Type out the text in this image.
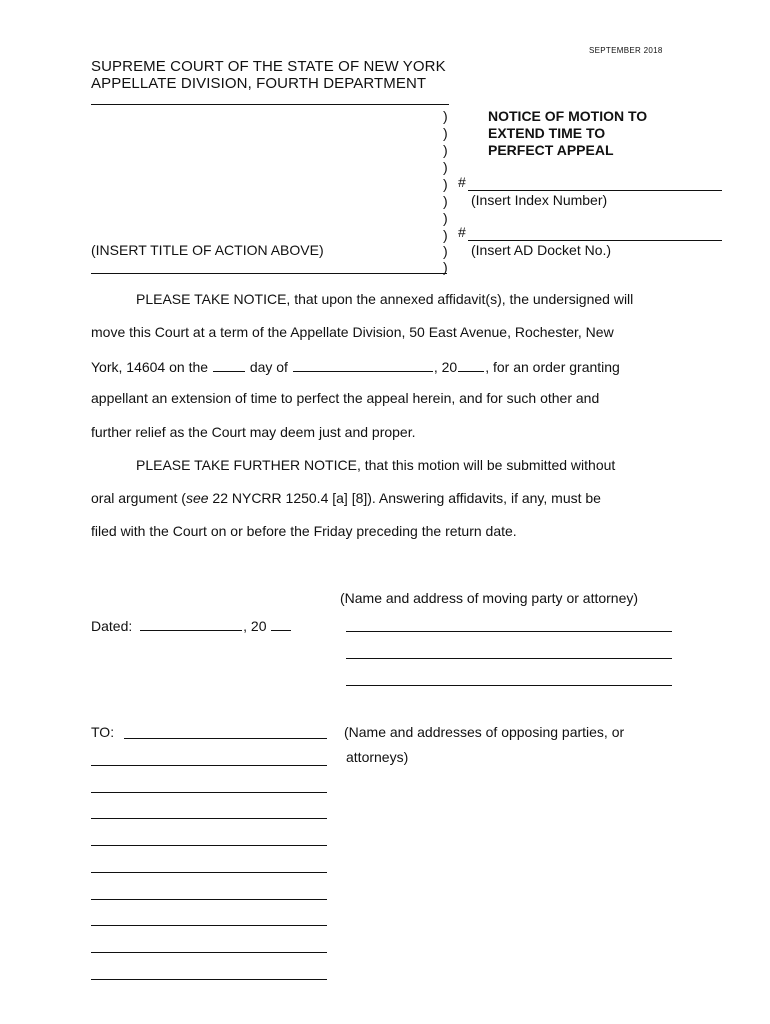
SEPTEMBER 2018
SUPREME COURT OF THE STATE OF NEW YORK
APPELLATE DIVISION, FOURTH DEPARTMENT
)
)
)
)
)
)
)
)
)
)
NOTICE OF MOTION TO
EXTEND TIME TO
PERFECT APPEAL
#
(Insert Index Number)
#
(Insert AD Docket No.)
(INSERT TITLE OF ACTION ABOVE)
PLEASE TAKE NOTICE, that upon the annexed affidavit(s), the undersigned will
move this Court at a term of the Appellate Division, 50 East Avenue, Rochester, New
York, 14604 on the	day of	, 20 , for an order granting
appellant an extension of time to perfect the appeal herein, and for such other and
further relief as the Court may deem just and proper.
PLEASE TAKE FURTHER NOTICE, that this motion will be submitted without
oral argument (see 22 NYCRR 1250.4 [a] [8]). Answering affidavits, if any, must be
filed with the Court on or before the Friday preceding the return date.
(Name and address of moving party or attorney)
Dated:	, 20
TO:	(Name and addresses of opposing parties, or
attorneys)
